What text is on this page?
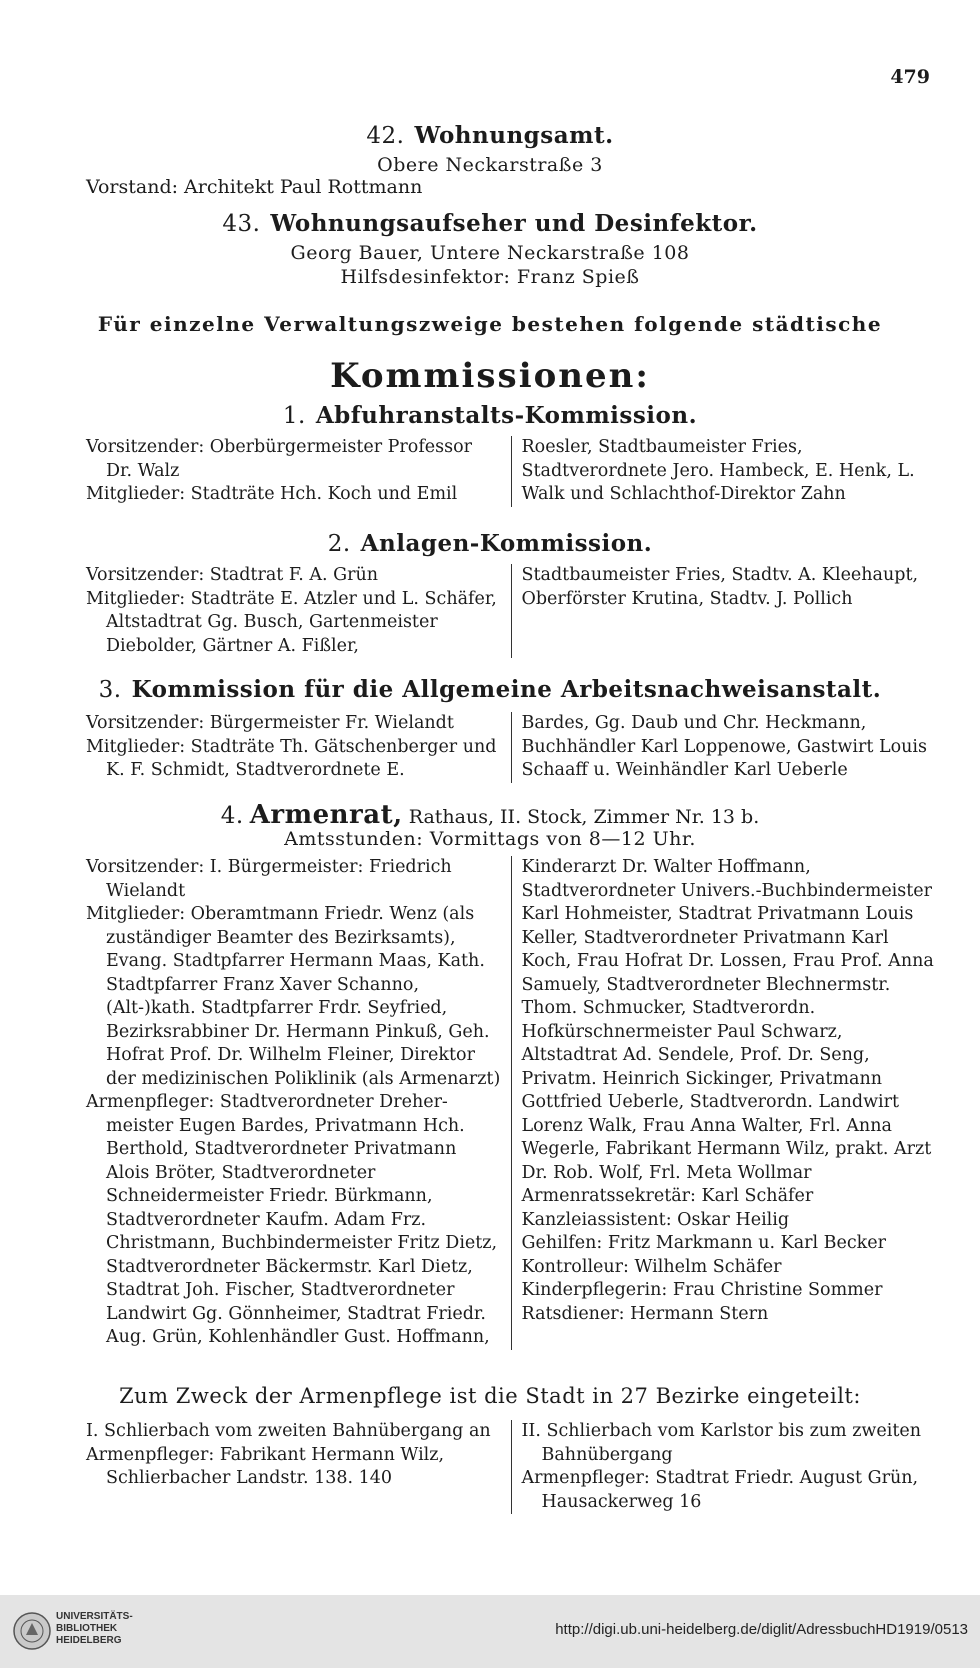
479
42. Wohnungsamt.
Obere Neckarstraße 3
Vorstand: Architekt Paul Rottmann
43. Wohnungsaufseher und Desinfektor.
Georg Bauer, Untere Neckarstraße 108
Hilfsdesinfektor: Franz Spieß
Für einzelne Verwaltungszweige bestehen folgende städtische
Kommissionen:
1. Abfuhranstalts-Kommission.
Vorsitzender: Oberbürgermeister Professor Dr. Walz
Mitglieder: Stadträte Hch. Koch und Emil
Roesler, Stadtbaumeister Fries, Stadtverordnete Jero. Hambeck, E. Henk, L. Walk und Schlachthof-Direktor Zahn
2. Anlagen-Kommission.
Vorsitzender: Stadtrat F. A. Grün
Mitglieder: Stadträte E. Atzler und L. Schäfer, Altstadtrat Gg. Busch, Gartenmeister Diebolder, Gärtner A. Fißler,
Stadtbaumeister Fries, Stadtv. A. Kleehaupt, Oberförster Krutina, Stadtv. J. Pollich
3. Kommission für die Allgemeine Arbeitsnachweisanstalt.
Vorsitzender: Bürgermeister Fr. Wielandt
Mitglieder: Stadträte Th. Gätschenberger und K. F. Schmidt, Stadtverordnete E.
Bardes, Gg. Daub und Chr. Heckmann, Buchhändler Karl Loppenowe, Gastwirt Louis Schaaff u. Weinhändler Karl Ueberle
4. Armenrat, Rathaus, II. Stock, Zimmer Nr. 13 b.
Amtsstunden: Vormittags von 8—12 Uhr.
Vorsitzender: I. Bürgermeister: Friedrich Wielandt
Mitglieder: Oberamtmann Friedr. Wenz (als zuständiger Beamter des Bezirksamts), Evang. Stadtpfarrer Hermann Maas, Kath. Stadtpfarrer Franz Xaver Schanno, (Alt-)kath. Stadtpfarrer Frdr. Seyfried, Bezirksrabbiner Dr. Hermann Pinkuß, Geh. Hofrat Prof. Dr. Wilhelm Fleiner, Direktor der medizinischen Poliklinik (als Armenarzt)
Armenpfleger: Stadtverordneter Dreher-meister Eugen Bardes, Privatmann Hch. Berthold, Stadtverordneter Privatmann Alois Bröter, Stadtverordneter Schneidermeister Friedr. Bürkmann, Stadtverordneter Kaufm. Adam Frz. Christmann, Buchbindermeister Fritz Dietz, Stadtverordneter Bäckermstr. Karl Dietz, Stadtrat Joh. Fischer, Stadtverordneter Landwirt Gg. Gönnheimer, Stadtrat Friedr. Aug. Grün, Kohlenhändler Gust. Hoffmann,
Kinderarzt Dr. Walter Hoffmann, Stadtverordneter Univers.-Buchbindermeister Karl Hohmeister, Stadtrat Privatmann Louis Keller, Stadtverordneter Privatmann Karl Koch, Frau Hofrat Dr. Lossen, Frau Prof. Anna Samuely, Stadtverordneter Blechnermstr. Thom. Schmucker, Stadtverordn. Hofkürschnermeister Paul Schwarz, Altstadtrat Ad. Sendele, Prof. Dr. Seng, Privatm. Heinrich Sickinger, Privatmann Gottfried Ueberle, Stadtverordn. Landwirt Lorenz Walk, Frau Anna Walter, Frl. Anna Wegerle, Fabrikant Hermann Wilz, prakt. Arzt Dr. Rob. Wolf, Frl. Meta Wollmar
Armenratssekretär: Karl Schäfer
Kanzleiassistent: Oskar Heilig
Gehilfen: Fritz Markmann u. Karl Becker
Kontrolleur: Wilhelm Schäfer
Kinderpflegerin: Frau Christine Sommer
Ratsdiener: Hermann Stern
Zum Zweck der Armenpflege ist die Stadt in 27 Bezirke eingeteilt:
I. Schlierbach vom zweiten Bahnübergang an
Armenpfleger: Fabrikant Hermann Wilz, Schlierbacher Landstr. 138. 140
II. Schlierbach vom Karlstor bis zum zweiten Bahnübergang
Armenpfleger: Stadtrat Friedr. August Grün, Hausackerweg 16
UNIVERSITÄTS-
BIBLIOTHEK
HEIDELBERG
http://digi.ub.uni-heidelberg.de/diglit/AdressbuchHD1919/0513
